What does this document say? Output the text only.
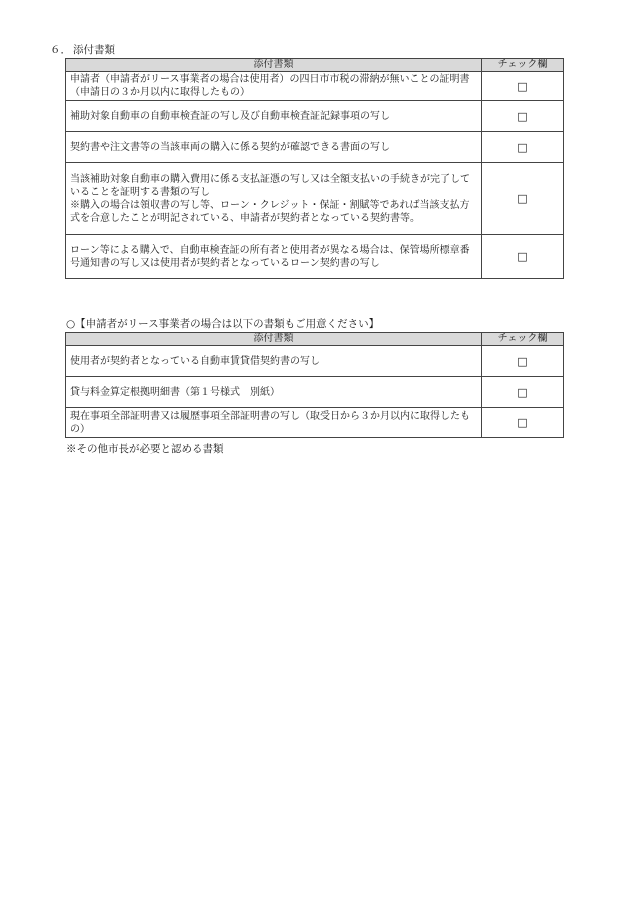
６． 添付書類
添付書類	チェック欄
申請者（申請者がリース事業者の場合は使用者）の四日市市税の滞納が無いことの証明書（申請日の３か月以内に取得したもの）	□
補助対象自動車の自動車検査証の写し及び自動車検査証記録事項の写し	□
契約書や注文書等の当該車両の購入に係る契約が確認できる書面の写し	□

当該補助対象自動車の購入費用に係る支払証憑の写し又は全額支払いの手続きが完了していることを証明する書類の写し
※購入の場合は領収書の写し等、ローン・クレジット・保証・割賦等であれば当該支払方式を合意したことが明記されている、申請者が契約者となっている契約書等。	□
ローン等による購入で、自動車検査証の所有者と使用者が異なる場合は、保管場所標章番号通知書の写し又は使用者が契約者となっているローン契約書の写し	□
○【申請者がリース事業者の場合は以下の書類もご用意ください】
添付書類	チェック欄
使用者が契約者となっている自動車賃貸借契約書の写し	□
貸与料金算定根拠明細書（第１号様式　別紙）	□
現在事項全部証明書又は履歴事項全部証明書の写し（取受日から３か月以内に取得したもの）	□
※その他市長が必要と認める書類
